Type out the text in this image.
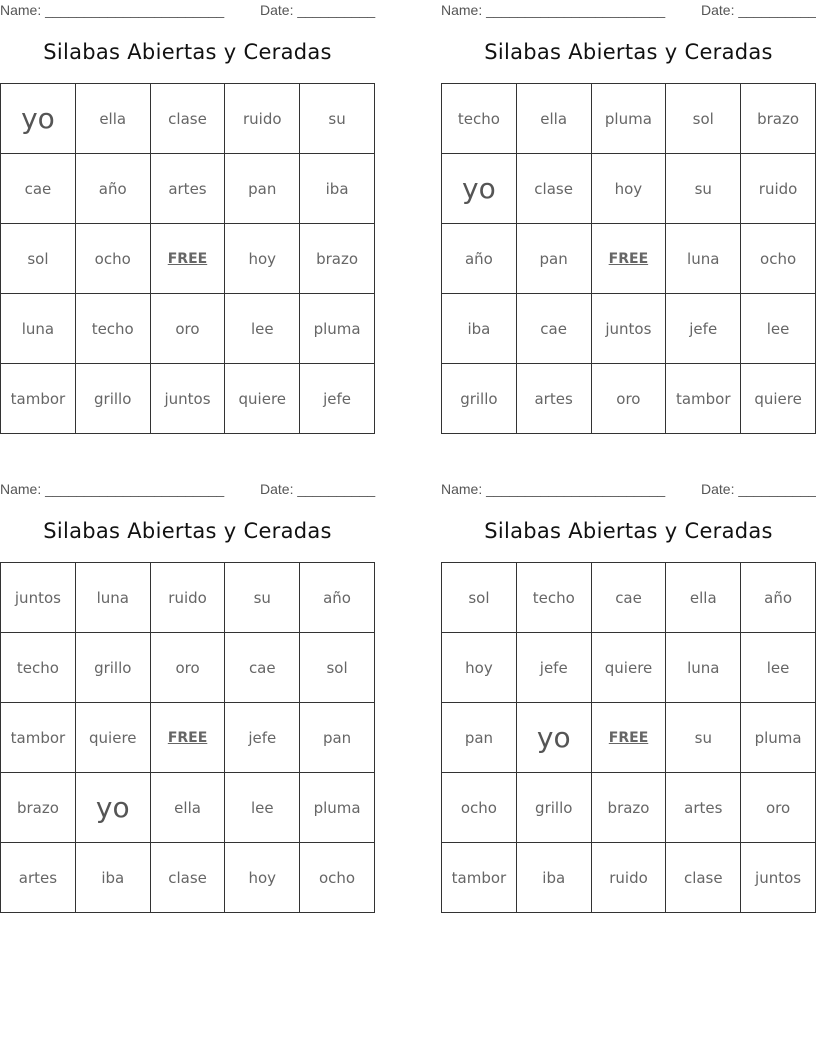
Name: _______________________	Date: __________
Silabas Abiertas y Ceradas
yo	ella	clase	ruido	su
cae	año	artes	pan	iba
sol	ocho	FREE	hoy	brazo
luna	techo	oro	lee	pluma
tambor	grillo	juntos	quiere	jefe
Name: _______________________	Date: __________
Silabas Abiertas y Ceradas
techo	ella	pluma	sol	brazo
yo	clase	hoy	su	ruido
año	pan	FREE	luna	ocho
iba	cae	juntos	jefe	lee
grillo	artes	oro	tambor	quiere
Name: _______________________	Date: __________
Silabas Abiertas y Ceradas
juntos	luna	ruido	su	año
techo	grillo	oro	cae	sol
tambor	quiere	FREE	jefe	pan
brazo	yo	ella	lee	pluma
artes	iba	clase	hoy	ocho
Name: _______________________	Date: __________
Silabas Abiertas y Ceradas
sol	techo	cae	ella	año
hoy	jefe	quiere	luna	lee
pan	yo	FREE	su	pluma
ocho	grillo	brazo	artes	oro
tambor	iba	ruido	clase	juntos
